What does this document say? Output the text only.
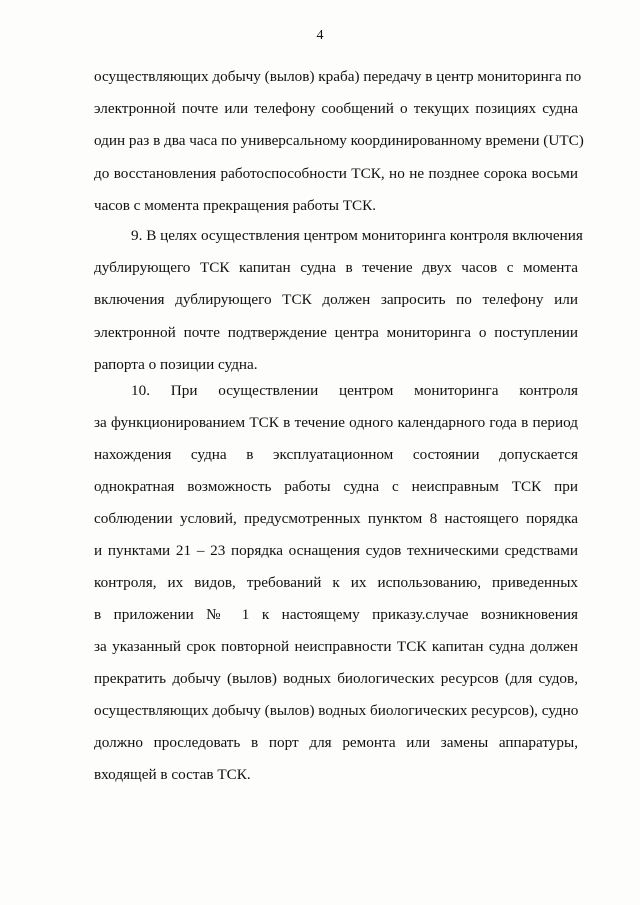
4
осуществляющих добычу (вылов) краба) передачу в центр мониторинга по
электронной почте или телефону сообщений о текущих позициях судна
один раз в два часа по универсальному координированному времени (UTC)
до восстановления работоспособности ТСК, но не позднее сорока восьми
часов с момента прекращения работы ТСК.
9. В целях осуществления центром мониторинга контроля включения
дублирующего ТСК капитан судна в течение двух часов с момента
включения дублирующего ТСК должен запросить по телефону или
электронной почте подтверждение центра мониторинга о поступлении
рапорта о позиции судна.
10. При осуществлении центром мониторинга контроля
за функционированием ТСК в течение одного календарного года в период
нахождения судна в эксплуатационном состоянии допускается
однократная возможность работы судна с неисправным ТСК при
соблюдении условий, предусмотренных пунктом 8 настоящего порядка
и пунктами 21 – 23 порядка оснащения судов техническими средствами
контроля, их видов, требований к их использованию, приведенных
в приложении № 1 к настоящему приказу.случае возникновения
за указанный срок повторной неисправности ТСК капитан судна должен
прекратить добычу (вылов) водных биологических ресурсов (для судов,
осуществляющих добычу (вылов) водных биологических ресурсов), судно
должно проследовать в порт для ремонта или замены аппаратуры,
входящей в состав ТСК.
